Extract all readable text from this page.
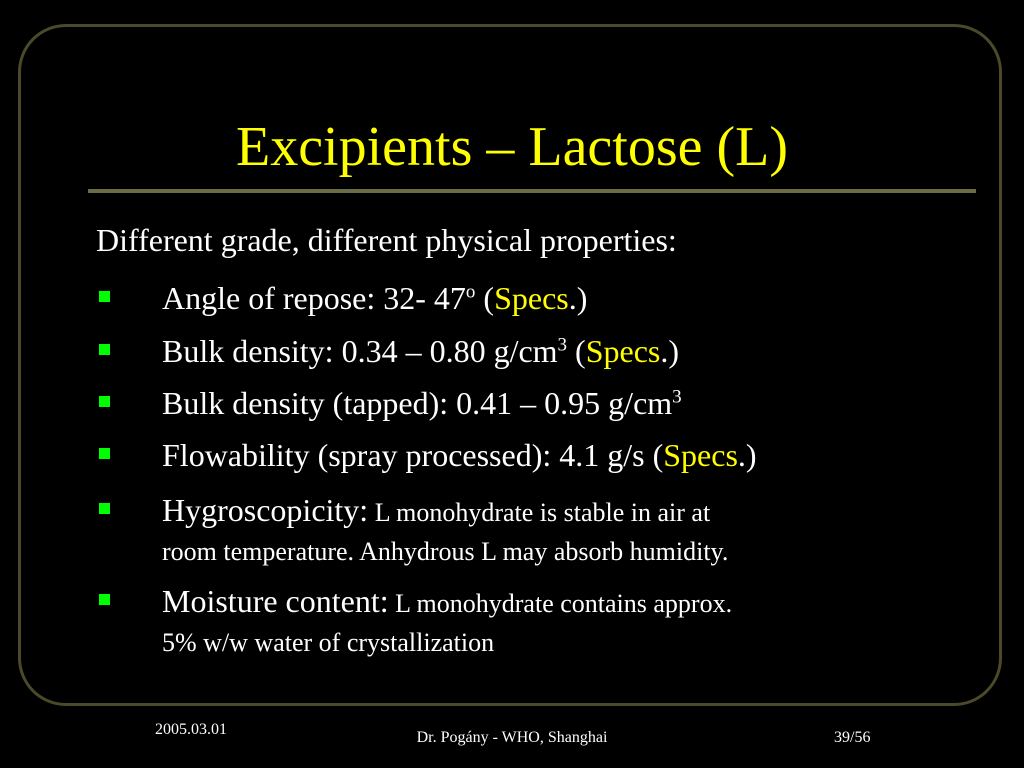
Excipients – Lactose (L)
Different grade, different physical properties:
Angle of repose: 32- 47$^o$ (Specs.)
Bulk density: 0.34 – 0.80 $g/cm^3$ (Specs.)
Bulk density (tapped): 0.41 – 0.95 $g/cm^3$
Flowability (spray processed): 4.1 g/s (Specs.)
Hygroscopicity: L monohydrate is stable in air at
room temperature. Anhydrous L may absorb humidity.
Moisture content: L monohydrate contains approx.
5% w/w water of crystallization
2005.03.01	Dr. Pogány - WHO, Shanghai	39/56
